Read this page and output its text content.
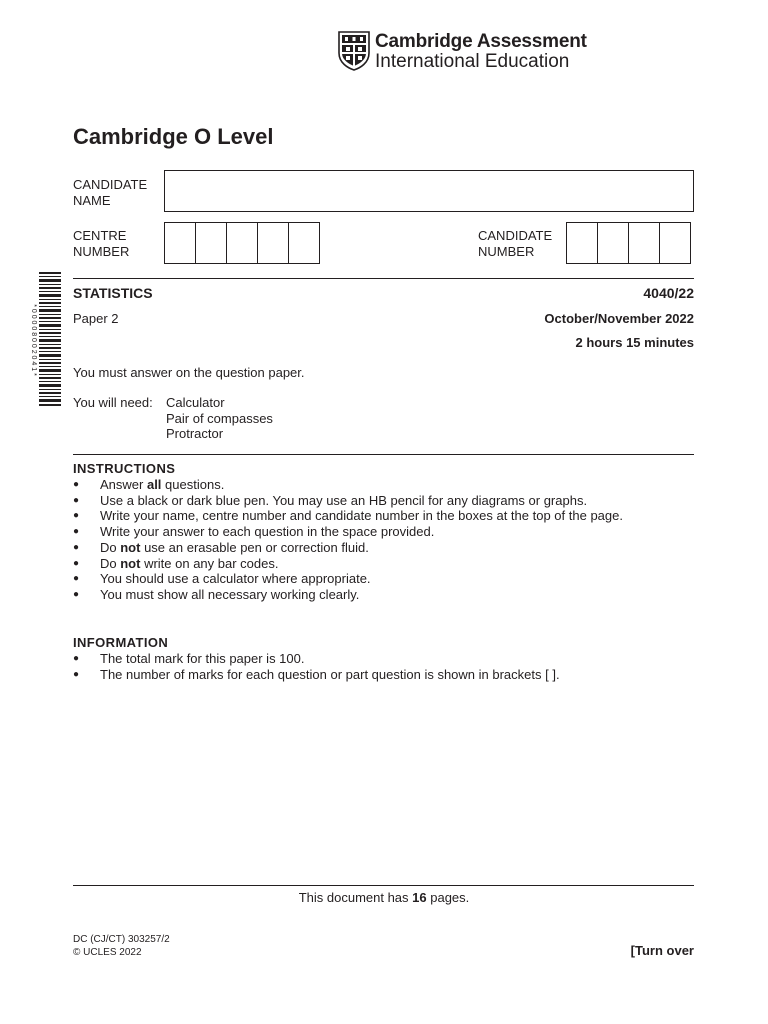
Cambridge Assessment
International Education
Cambridge O Level
CANDIDATE
NAME
CENTRE
NUMBER
CANDIDATE
NUMBER
* 0 0 0 0 8 0 0 2 0 4 1 *
STATISTICS	4040/22
Paper 2	October/November 2022
2 hours 15 minutes
You must answer on the question paper.
You will need: Calculator
Pair of compasses
Protractor
INSTRUCTIONS
● Answer all questions.
● Use a black or dark blue pen. You may use an HB pencil for any diagrams or graphs.
● Write your name, centre number and candidate number in the boxes at the top of the page.
● Write your answer to each question in the space provided.
● Do not use an erasable pen or correction fluid.
● Do not write on any bar codes.
● You should use a calculator where appropriate.
● You must show all necessary working clearly.
INFORMATION
● The total mark for this paper is 100.
● The number of marks for each question or part question is shown in brackets [ ].
This document has 16 pages.
DC (CJ/CT) 303257/2
© UCLES 2022	[Turn over
